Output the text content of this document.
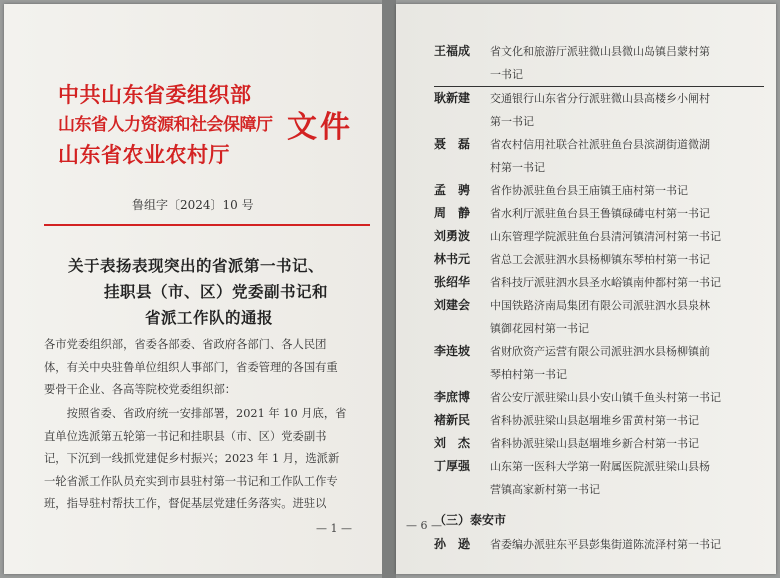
中共山东省委组织部
山东省人力资源和社会保障厅
山东省农业农村厅
文件
鲁组字〔2024〕10 号
关于表扬表现突出的省派第一书记、
挂职县（市、区）党委副书记和
省派工作队的通报
各市党委组织部，省委各部委、省政府各部门、各人民团
体，有关中央驻鲁单位组织人事部门，省委管理的各国有重
要骨干企业、各高等院校党委组织部：
按照省委、省政府统一安排部署，2021 年 10 月底，省
直单位选派第五轮第一书记和挂职县（市、区）党委副书
记，下沉到一线抓党建促乡村振兴；2023 年 1 月，选派新
一轮省派工作队员充实到市县驻村第一书记和工作队工作专
班，指导驻村帮扶工作，督促基层党建任务落实。进驻以
— 1 —
王福成	省文化和旅游厅派驻微山县微山岛镇吕蒙村第
一书记
耿新建	交通银行山东省分行派驻微山县高楼乡小闸村
第一书记
聂　磊	省农村信用社联合社派驻鱼台县滨湖街道微湖
村第一书记
孟　骋	省作协派驻鱼台县王庙镇王庙村第一书记
周　静	省水利厅派驻鱼台县王鲁镇碌碡屯村第一书记
刘勇波	山东管理学院派驻鱼台县清河镇清河村第一书记
林书元	省总工会派驻泗水县杨柳镇东琴柏村第一书记
张绍华	省科技厅派驻泗水县圣水峪镇南仲都村第一书记
刘建会	中国铁路济南局集团有限公司派驻泗水县泉林
镇御花园村第一书记
李连坡	省财欣资产运营有限公司派驻泗水县杨柳镇前
琴柏村第一书记
李庶博	省公安厅派驻梁山县小安山镇千鱼头村第一书记
褚新民	省科协派驻梁山县赵堌堆乡雷黄村第一书记
刘　杰	省科协派驻梁山县赵堌堆乡新合村第一书记
丁厚强	山东第一医科大学第一附属医院派驻梁山县杨
营镇高家新村第一书记
（三）泰安市
孙　逊	省委编办派驻东平县彭集街道陈流泽村第一书记
— 6 —
